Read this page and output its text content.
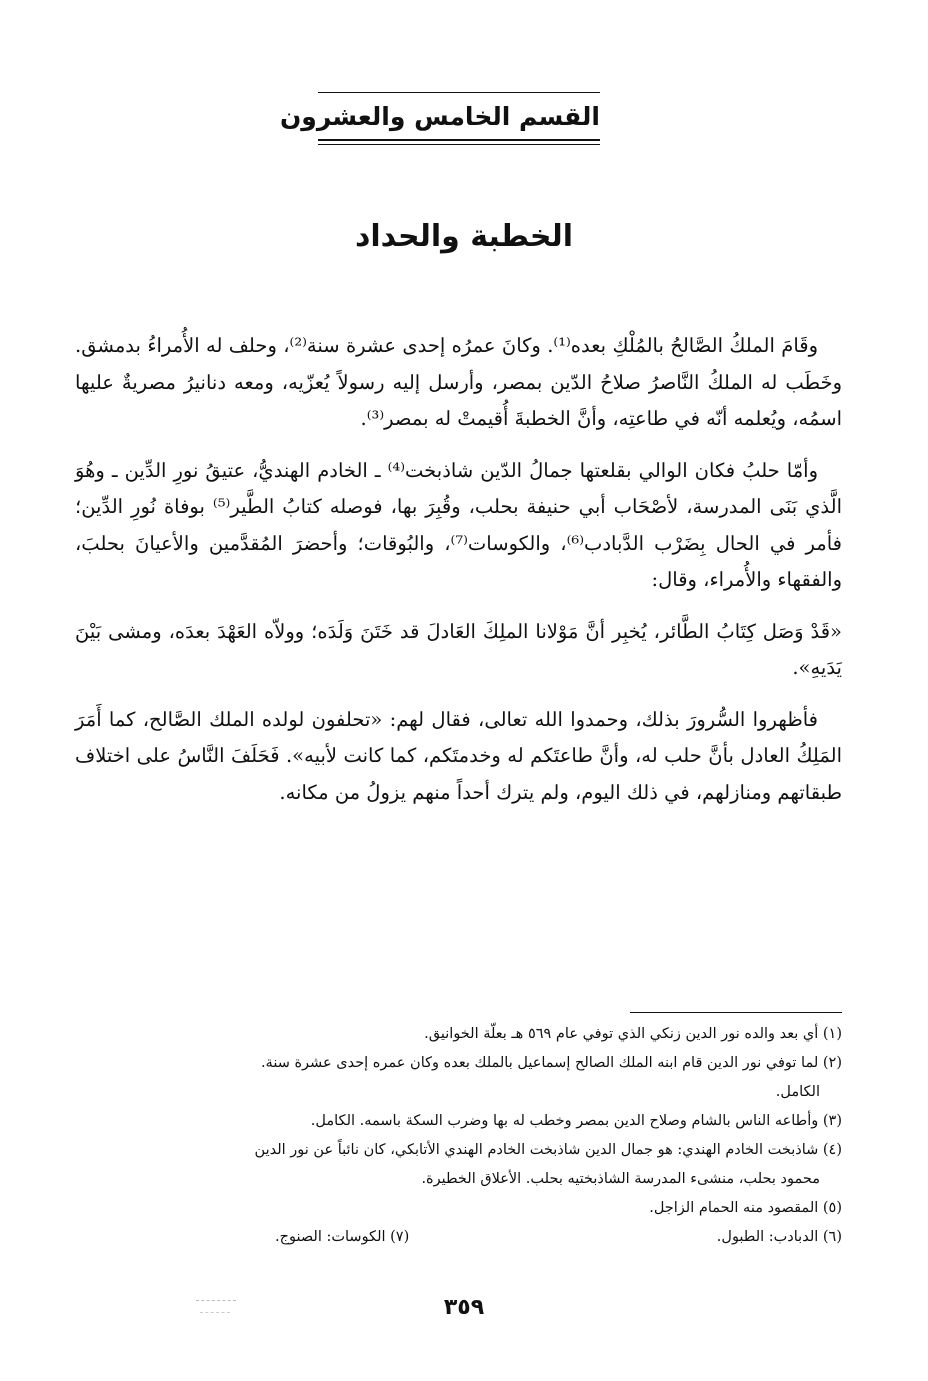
القسم الخامس والعشرون
الخطبة والحداد

وقَامَ الملكُ الصَّالحُ بالمُلْكِ بعده⁽¹⁾. وكانَ عمرُه إحدى عشرة سنة⁽²⁾، وحلف له الأُمراءُ بدمشق. وخَطَب له الملكُ النَّاصرُ صلاحُ الدّين بمصر، وأرسل إليه رسولاً يُعزّيه، ومعه دنانيرُ مصريةٌ عليها اسمُه، ويُعلمه أنّه في طاعتِه، وأنَّ الخطبةَ أُقيمتْ له بمصر⁽³⁾.

وأمّا حلبُ فكان الوالي بقلعتها جمالُ الدّين شاذبخت⁽⁴⁾ ـ الخادم الهنديُّ، عتيقُ نورِ الدِّين ـ وهُوَ الَّذي بَنَى المدرسة، لأصْحَاب أبي حنيفة بحلب، وقُبِرَ بها، فوصله كتابُ الطَّير⁽⁵⁾ بوفاة نُورِ الدِّين؛ فأمر في الحال بِضَرْب الدَّبادب⁽⁶⁾، والكوسات⁽⁷⁾، والبُوقات؛ وأحضرَ المُقدَّمين والأعيانَ بحلبَ، والفقهاء والأُمراء، وقال:

«قَدْ وَصَل كِتَابُ الطَّائر، يُخبِر أنَّ مَوْلانا الملِكَ العَادلَ قد خَتَنَ وَلَدَه؛ وولاّه العَهْدَ بعدَه، ومشى بَيْنَ يَدَيهِ».

فأظهروا السُّرورَ بذلك، وحمدوا الله تعالى، فقال لهم: «تحلفون لولده الملك الصَّالح، كما أَمَرَ المَلِكُ العادل بأنَّ حلب له، وأنَّ طاعتَكم له وخدمتَكم، كما كانت لأبيه». فَحَلَفَ النَّاسُ على اختلاف طبقاتهم ومنازلهم، في ذلك اليوم، ولم يترك أحداً منهم يزولُ من مكانه.

(١) أي بعد والده نور الدين زنكي الذي توفي عام ٥٦٩ هـ بعلّة الخوانيق.

(٢) لما توفي نور الدين قام ابنه الملك الصالح إسماعيل بالملك بعده وكان عمره إحدى عشرة سنة.

الكامل.

(٣) وأطاعه الناس بالشام وصلاح الدين بمصر وخطب له بها وضرب السكة باسمه. الكامل.

(٤) شاذبخت الخادم الهندي: هو جمال الدين شاذبخت الخادم الهندي الأتابكي، كان نائباً عن نور الدين

محمود بحلب، منشىء المدرسة الشاذبختيه بحلب. الأعلاق الخطيرة.

(٥) المقصود منه الحمام الزاجل.

(٦) الدبادب: الطبول.

(٧) الكوسات: الصنوج.

٣٥٩
